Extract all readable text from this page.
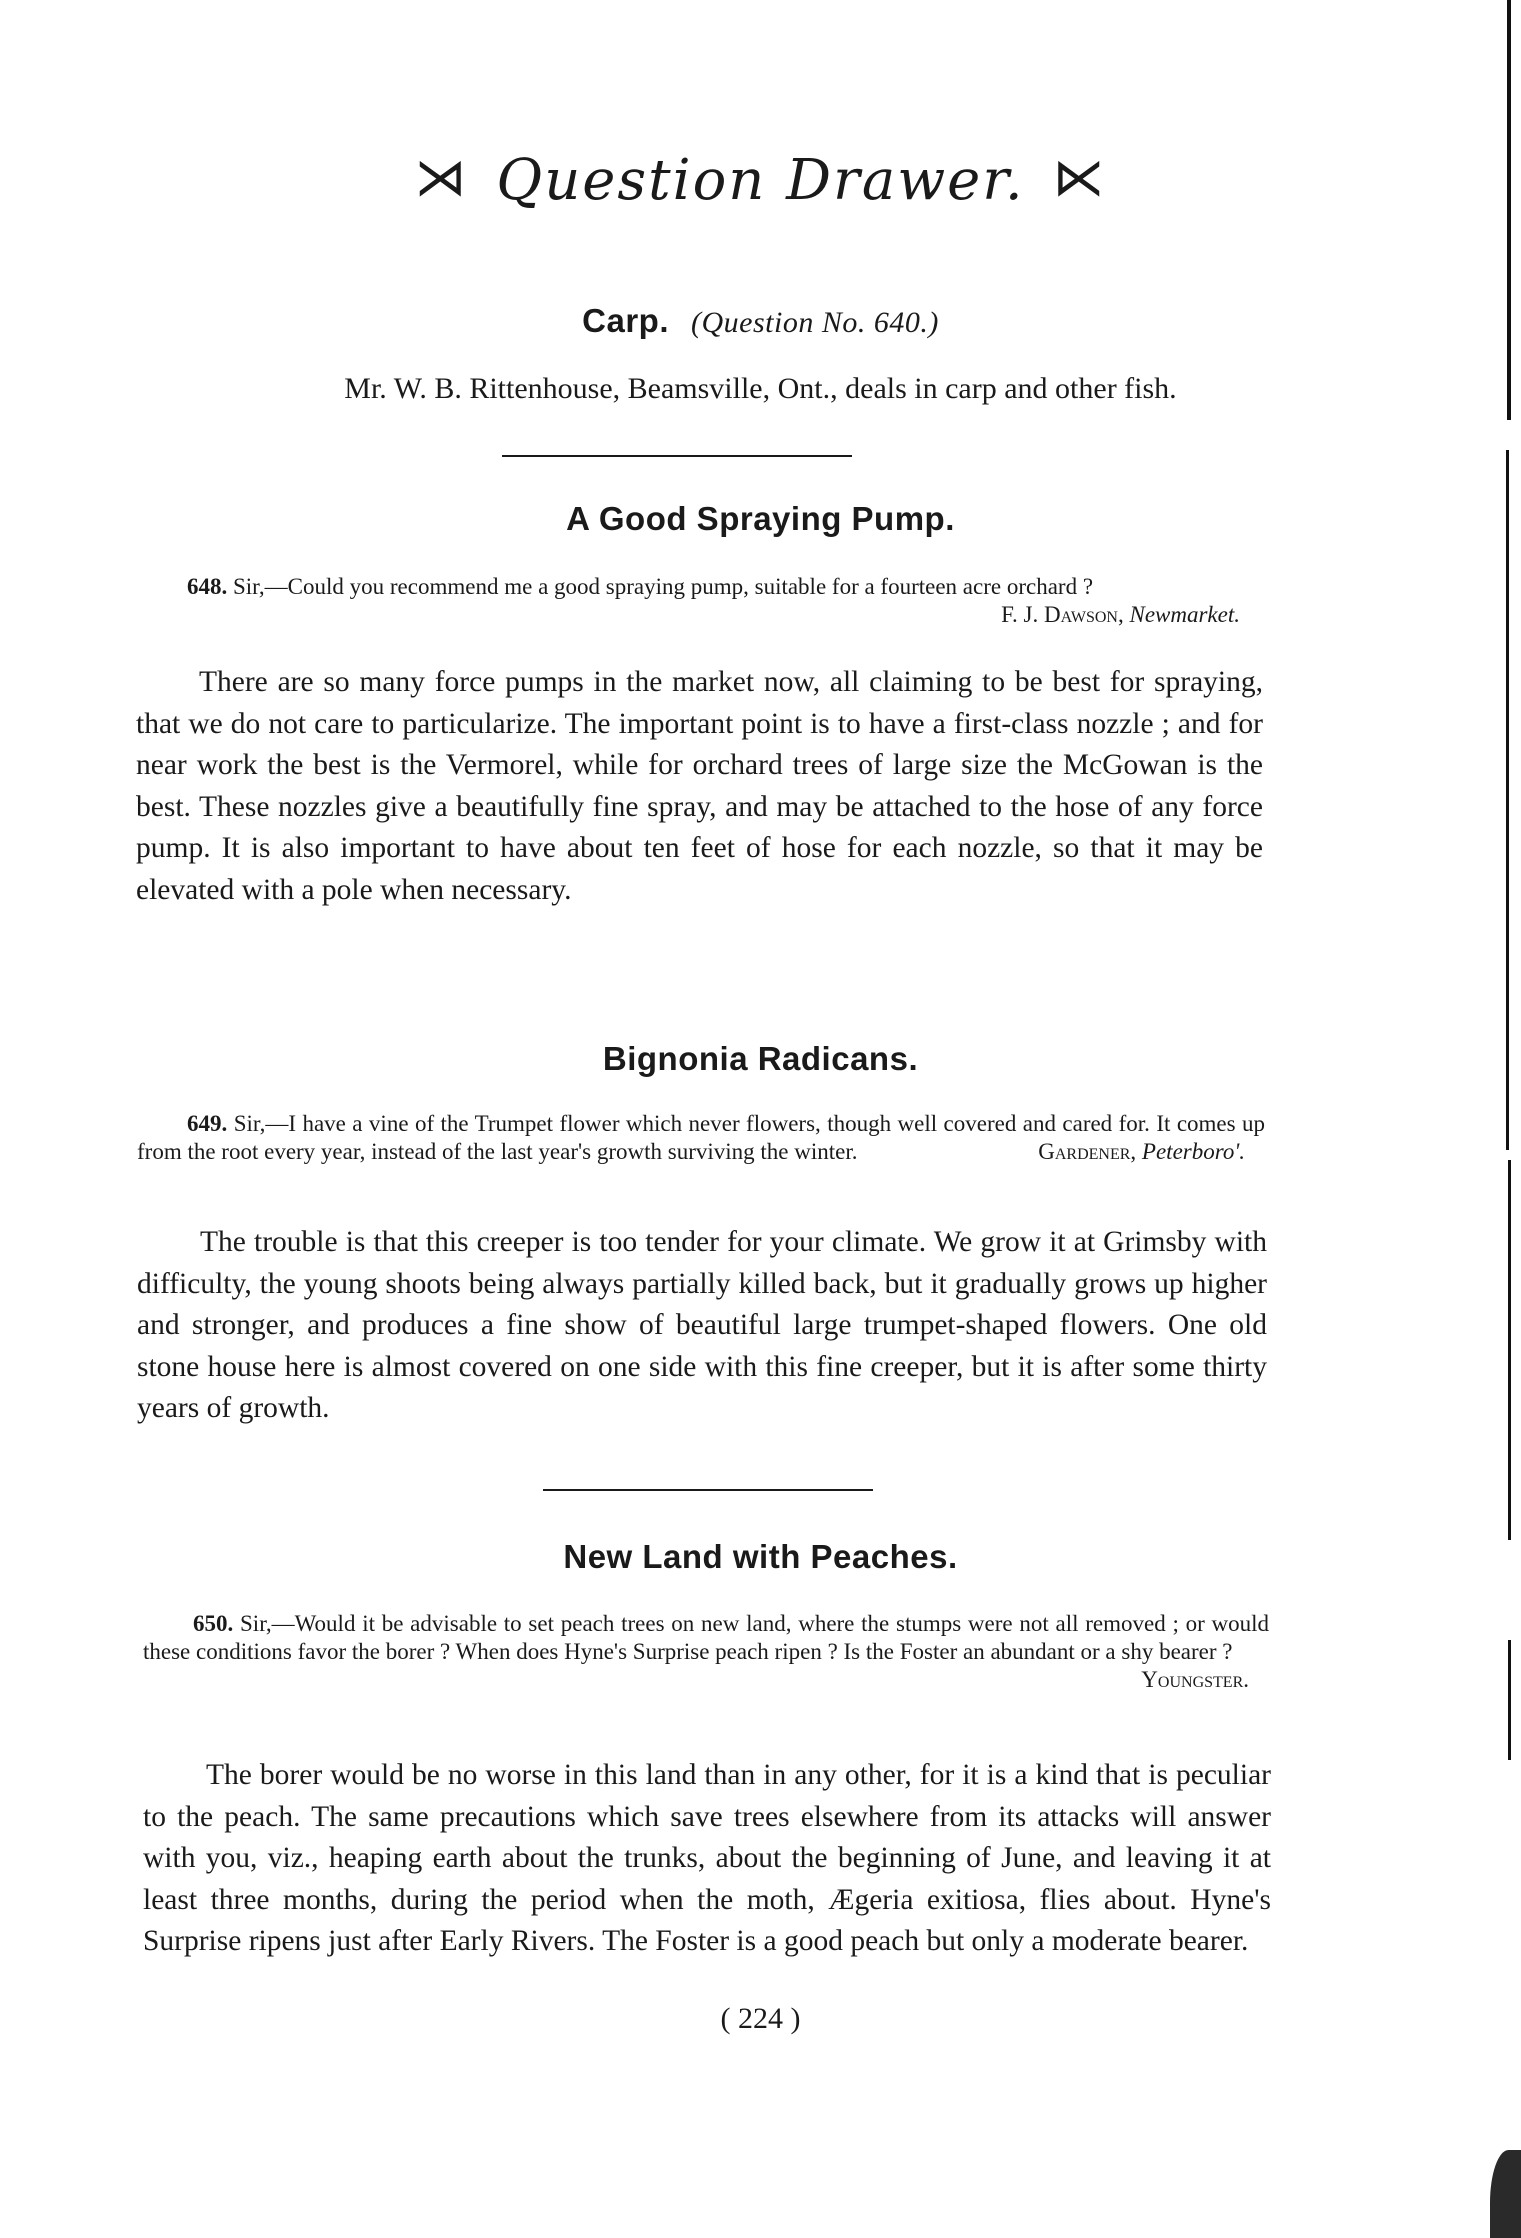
⋊ Question Drawer. ⋉
Carp. (Question No. 640.)
Mr. W. B. Rittenhouse, Beamsville, Ont., deals in carp and other fish.
A Good Spraying Pump.

648. Sir,—Could you recommend me a good spraying pump, suitable for a fourteen acre orchard ?
F. J. Dawson, Newmarket.

There are so many force pumps in the market now, all claiming to be best for spraying, that we do not care to particularize. The important point is to have a first-class nozzle ; and for near work the best is the Vermorel, while for orchard trees of large size the McGowan is the best. These nozzles give a beautifully fine spray, and may be attached to the hose of any force pump. It is also important to have about ten feet of hose for each nozzle, so that it may be elevated with a pole when necessary.

Bignonia Radicans.

649. Sir,—I have a vine of the Trumpet flower which never flowers, though well covered and cared for. It comes up from the root every year, instead of the last year's growth surviving the winter.	Gardener, Peterboro'.

The trouble is that this creeper is too tender for your climate. We grow it at Grimsby with difficulty, the young shoots being always partially killed back, but it gradually grows up higher and stronger, and produces a fine show of beautiful large trumpet-shaped flowers. One old stone house here is almost covered on one side with this fine creeper, but it is after some thirty years of growth.

New Land with Peaches.

650. Sir,—Would it be advisable to set peach trees on new land, where the stumps were not all removed ; or would these conditions favor the borer ? When does Hyne's Surprise peach ripen ? Is the Foster an abundant or a shy bearer ?

Youngster.

The borer would be no worse in this land than in any other, for it is a kind that is peculiar to the peach. The same precautions which save trees elsewhere from its attacks will answer with you, viz., heaping earth about the trunks, about the beginning of June, and leaving it at least three months, during the period when the moth, Ægeria exitiosa, flies about. Hyne's Surprise ripens just after Early Rivers. The Foster is a good peach but only a moderate bearer.

( 224 )
